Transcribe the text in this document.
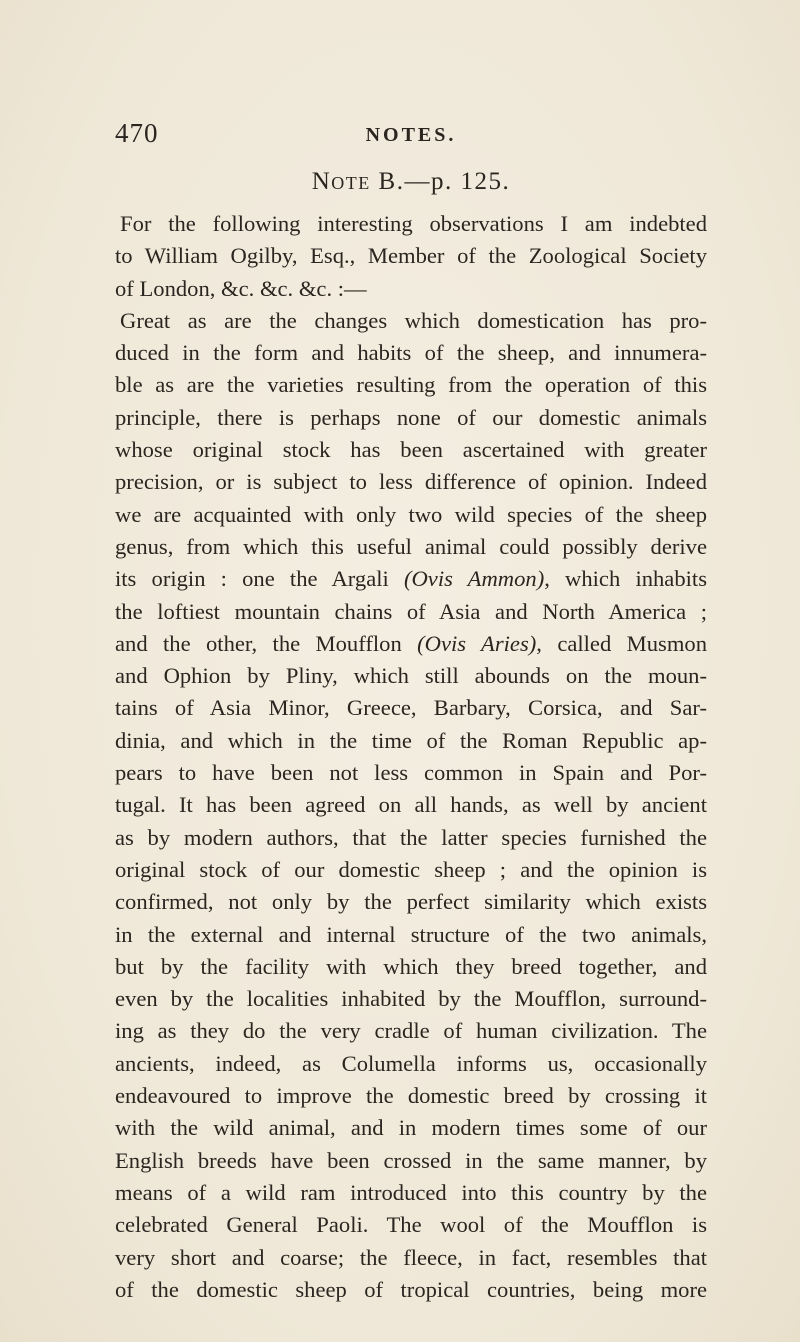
470	NOTES.
Note B.—p. 125.
For the following interesting observations I am indebted
to William Ogilby, Esq., Member of the Zoological Society
of London, &c. &c. &c. :—
Great as are the changes which domestication has pro-
duced in the form and habits of the sheep, and innumera-
ble as are the varieties resulting from the operation of this
principle, there is perhaps none of our domestic animals
whose original stock has been ascertained with greater
precision, or is subject to less difference of opinion. Indeed
we are acquainted with only two wild species of the sheep
genus, from which this useful animal could possibly derive
its origin : one the Argali (Ovis Ammon), which inhabits
the loftiest mountain chains of Asia and North America ;
and the other, the Moufflon (Ovis Aries), called Musmon
and Ophion by Pliny, which still abounds on the moun-
tains of Asia Minor, Greece, Barbary, Corsica, and Sar-
dinia, and which in the time of the Roman Republic ap-
pears to have been not less common in Spain and Por-
tugal. It has been agreed on all hands, as well by ancient
as by modern authors, that the latter species furnished the
original stock of our domestic sheep ; and the opinion is
confirmed, not only by the perfect similarity which exists
in the external and internal structure of the two animals,
but by the facility with which they breed together, and
even by the localities inhabited by the Moufflon, surround-
ing as they do the very cradle of human civilization. The
ancients, indeed, as Columella informs us, occasionally
endeavoured to improve the domestic breed by crossing it
with the wild animal, and in modern times some of our
English breeds have been crossed in the same manner, by
means of a wild ram introduced into this country by the
celebrated General Paoli. The wool of the Moufflon is
very short and coarse; the fleece, in fact, resembles that
of the domestic sheep of tropical countries, being more
